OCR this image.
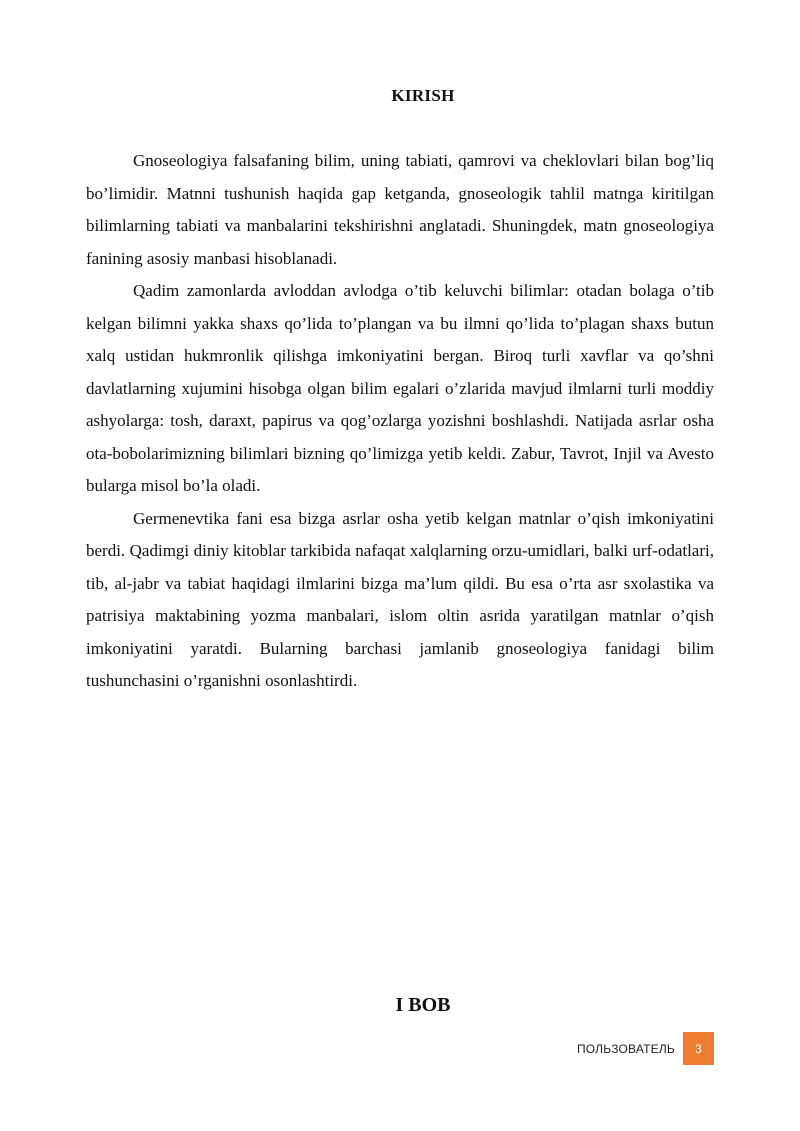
KIRISH

Gnoseologiya falsafaning bilim, uning tabiati, qamrovi va cheklovlari bilan bog’liq bo’limidir. Matnni tushunish haqida gap ketganda, gnoseologik tahlil matnga kiritilgan bilimlarning tabiati va manbalarini tekshirishni anglatadi. Shuningdek, matn gnoseologiya fanining asosiy manbasi hisoblanadi.

Qadim zamonlarda avloddan avlodga o’tib keluvchi bilimlar: otadan bolaga o’tib kelgan bilimni yakka shaxs qo’lida to’plangan va bu ilmni qo’lida to’plagan shaxs butun xalq ustidan hukmronlik qilishga imkoniyatini bergan. Biroq turli xavflar va qo’shni davlatlarning xujumini hisobga olgan bilim egalari o’zlarida mavjud ilmlarni turli moddiy ashyolarga: tosh, daraxt, papirus va qog’ozlarga yozishni boshlashdi. Natijada asrlar osha ota-bobolarimizning bilimlari bizning qo’limizga yetib keldi. Zabur, Tavrot, Injil va Avesto bularga misol bo’la oladi.

Germenevtika fani esa bizga asrlar osha yetib kelgan matnlar o’qish imkoniyatini berdi. Qadimgi diniy kitoblar tarkibida nafaqat xalqlarning orzu-umidlari, balki urf-odatlari, tib, al-jabr va tabiat haqidagi ilmlarini bizga ma’lum qildi. Bu esa o’rta asr sxolastika va patrisiya maktabining yozma manbalari, islom oltin asrida yaratilgan matnlar o’qish imkoniyatini yaratdi. Bularning barchasi jamlanib gnoseologiya fanidagi bilim tushunchasini o’rganishni osonlashtirdi.

I BOB
ПОЛЬЗОВАТЕЛЬ	3
